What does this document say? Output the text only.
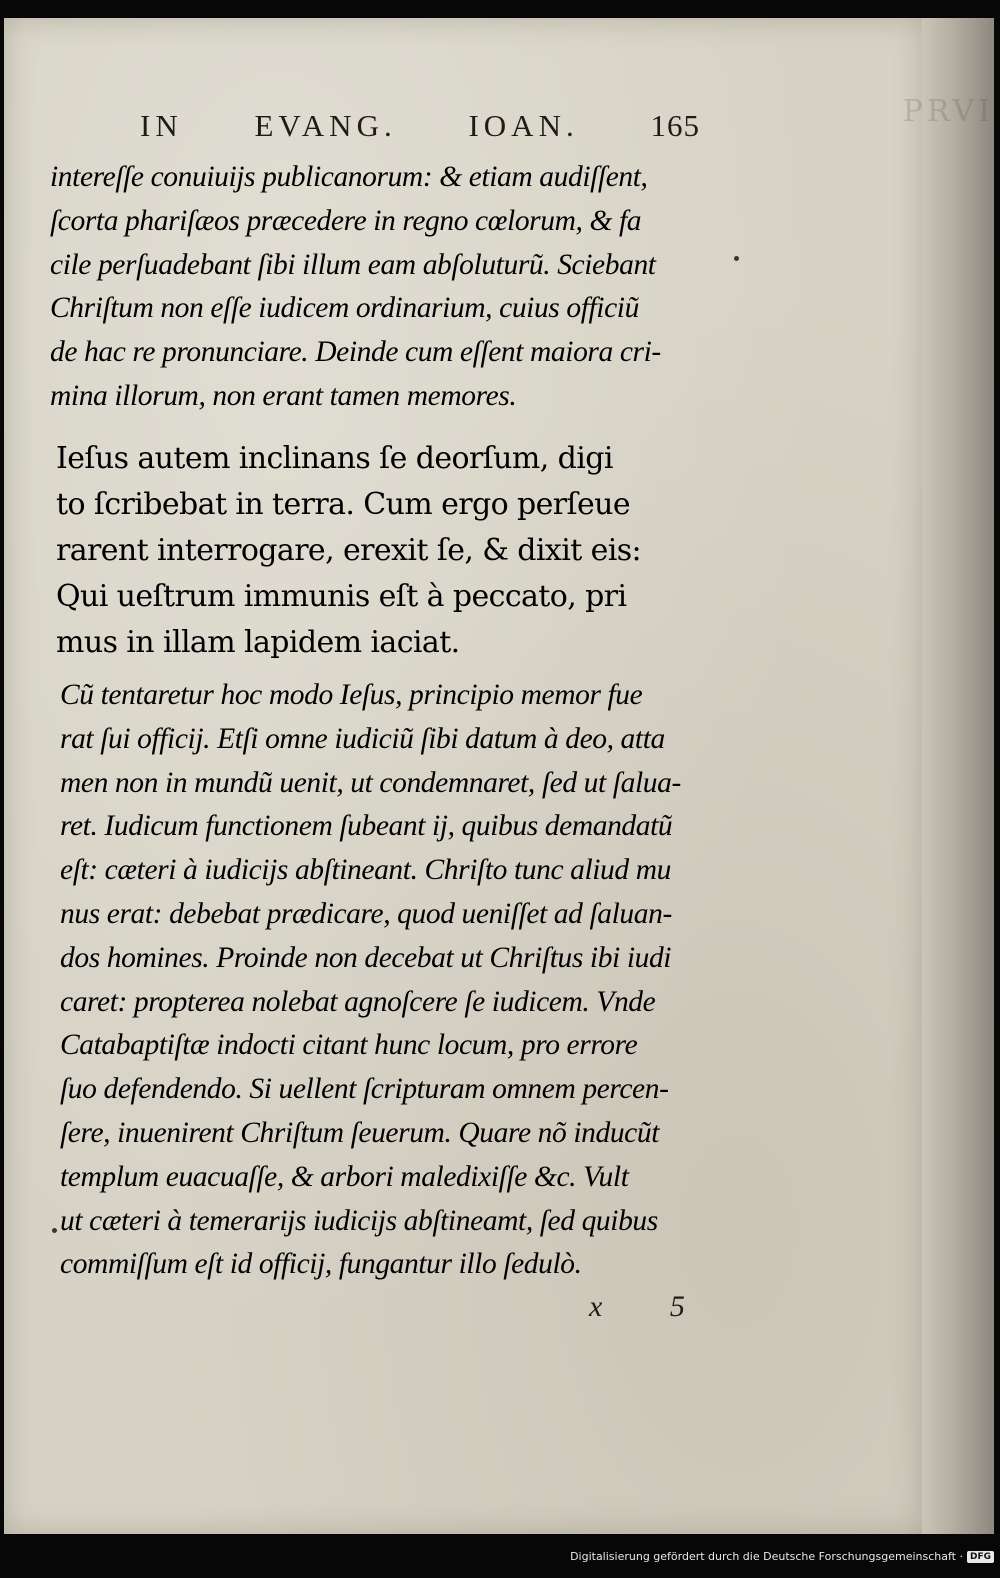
IN EVANG. IOAN. 165
intereſſe conuiuijs publicanorum: & etiam audiſſent,
ſcorta phariſæos præcedere in regno cœlorum, & fa
cile perſuadebant ſibi illum eam abſoluturũ. Sciebant
Chriſtum non eſſe iudicem ordinarium, cuius officiũ
de hac re pronunciare. Deinde cum eſſent maiora cri-
mina illorum, non erant tamen memores.
Ieſus autem inclinans ſe deorſum, digi
to ſcribebat in terra. Cum ergo perſeue
rarent interrogare, erexit ſe, & dixit eis:
Qui ueſtrum immunis eſt à peccato, pri
mus in illam lapidem iaciat.
Cũ tentaretur hoc modo Ieſus, principio memor fue
rat ſui officij. Etſi omne iudiciũ ſibi datum à deo, atta
men non in mundũ uenit, ut condemnaret, ſed ut ſalua-
ret. Iudicum functionem ſubeant ij, quibus demandatũ
eſt: cæteri à iudicijs abſtineant. Chriſto tunc aliud mu
nus erat: debebat prædicare, quod ueniſſet ad ſaluan-
dos homines. Proinde non decebat ut Chriſtus ibi iudi
caret: propterea nolebat agnoſcere ſe iudicem. Vnde
Catabaptiſtæ indocti citant hunc locum, pro errore
ſuo defendendo. Si uellent ſcripturam omnem percen-
ſere, inuenirent Chriſtum ſeuerum. Quare nõ inducũt
templum euacuaſſe, & arbori maledixiſſe &c. Vult
ut cæteri à temerarijs iudicijs abſtineamt, ſed quibus
commiſſum eſt id officij, fungantur illo ſedulò.
x 5
PRVI
Digitalisierung gefördert durch die Deutsche Forschungsgemeinschaft · DFG
